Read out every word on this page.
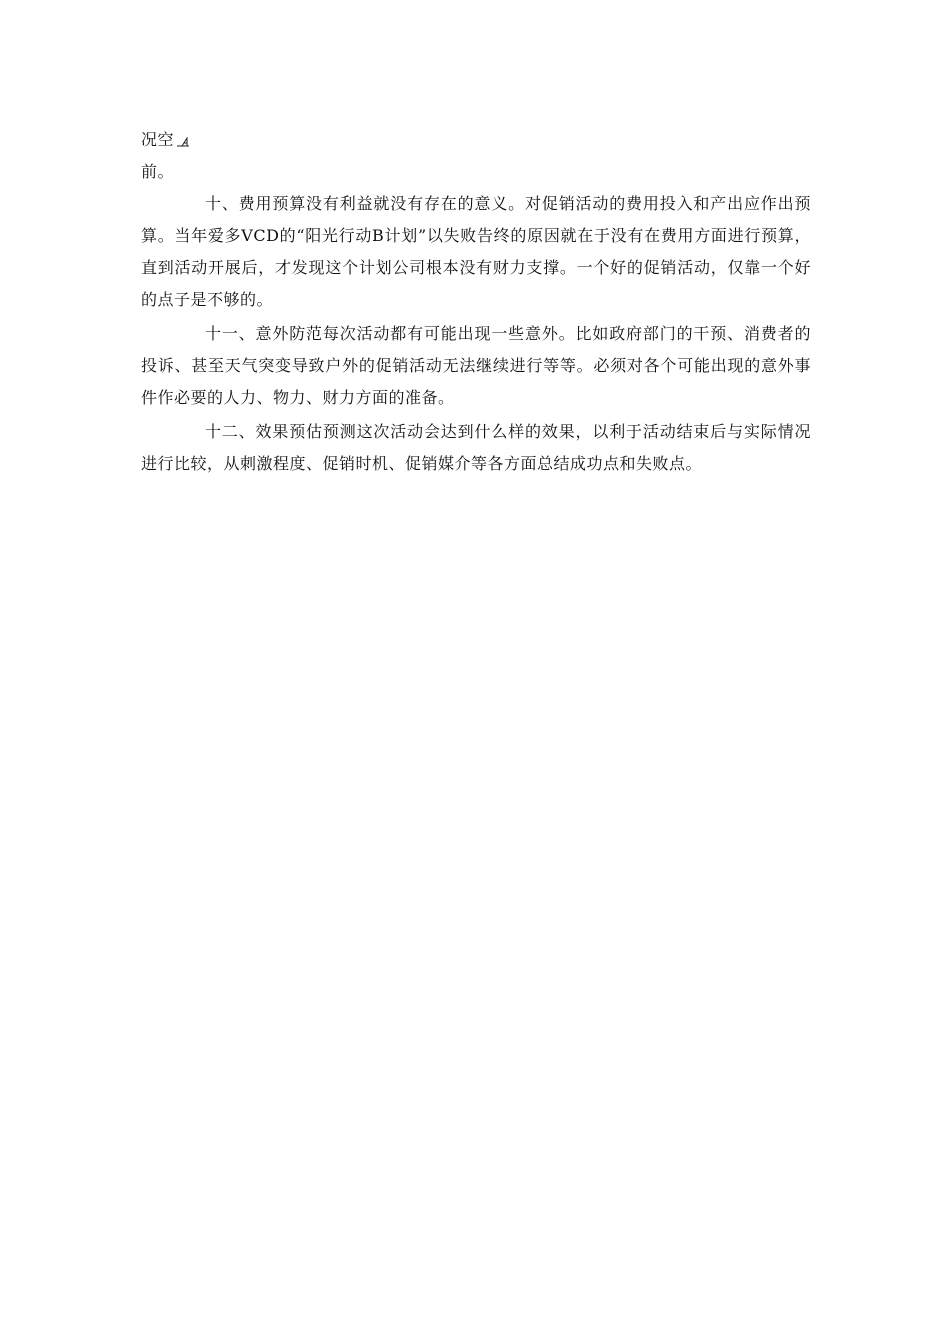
况空

前。

十、费用预算没有利益就没有存在的意义。对促销活动的费用投入和产出应作出预算。当年爱多VCD的“阳光行动B计划”以失败告终的原因就在于没有在费用方面进行预算，直到活动开展后，才发现这个计划公司根本没有财力支撑。一个好的促销活动，仅靠一个好的点子是不够的。

十一、意外防范每次活动都有可能出现一些意外。比如政府部门的干预、消费者的投诉、甚至天气突变导致户外的促销活动无法继续进行等等。必须对各个可能出现的意外事件作必要的人力、物力、财力方面的准备。

十二、效果预估预测这次活动会达到什么样的效果，以利于活动结束后与实际情况进行比较，从刺激程度、促销时机、促销媒介等各方面总结成功点和失败点。
